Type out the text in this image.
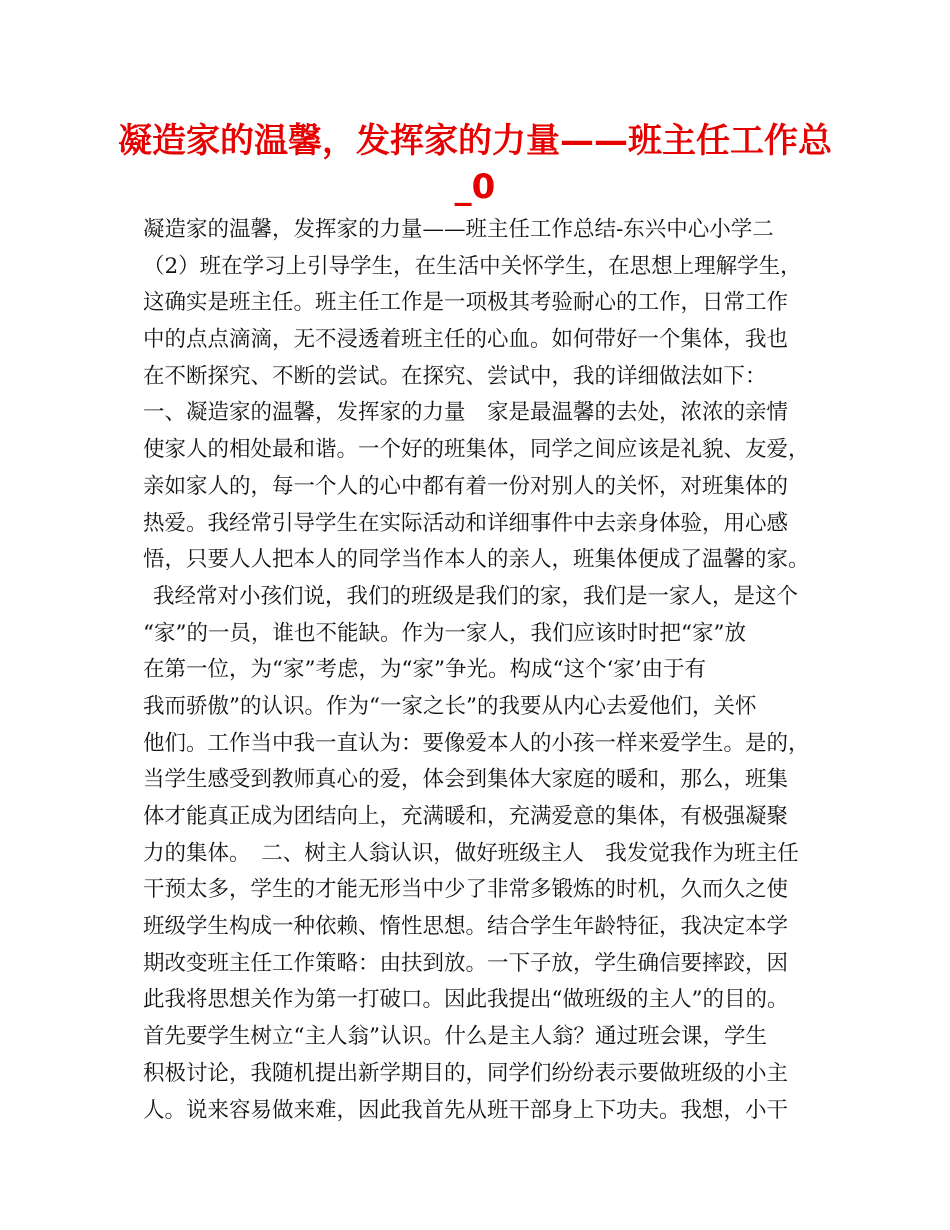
凝造家的温馨，发挥家的力量——班主任工作总
_0
凝造家的温馨，发挥家的力量——班主任工作总结-东兴中心小学二
（2）班在学习上引导学生，在生活中关怀学生，在思想上理解学生，
这确实是班主任。班主任工作是一项极其考验耐心的工作，日常工作
中的点点滴滴，无不浸透着班主任的心血。如何带好一个集体，我也
在不断探究、不断的尝试。在探究、尝试中，我的详细做法如下：
一、凝造家的温馨，发挥家的力量　家是最温馨的去处，浓浓的亲情
使家人的相处最和谐。一个好的班集体，同学之间应该是礼貌、友爱，
亲如家人的，每一个人的心中都有着一份对别人的关怀，对班集体的
热爱。我经常引导学生在实际活动和详细事件中去亲身体验，用心感
悟，只要人人把本人的同学当作本人的亲人，班集体便成了温馨的家。
我经常对小孩们说，我们的班级是我们的家，我们是一家人，是这个
“家”的一员，谁也不能缺。作为一家人，我们应该时时把“家”放
在第一位，为“家”考虑，为“家”争光。构成“这个‘家’由于有
我而骄傲”的认识。作为“一家之长”的我要从内心去爱他们，关怀
他们。工作当中我一直认为：要像爱本人的小孩一样来爱学生。是的，
当学生感受到教师真心的爱，体会到集体大家庭的暖和，那么，班集
体才能真正成为团结向上，充满暖和，充满爱意的集体，有极强凝聚
力的集体。　二、树主人翁认识，做好班级主人　我发觉我作为班主任
干预太多，学生的才能无形当中少了非常多锻炼的时机，久而久之使
班级学生构成一种依赖、惰性思想。结合学生年龄特征，我决定本学
期改变班主任工作策略：由扶到放。一下子放，学生确信要摔跤，因
此我将思想关作为第一打破口。因此我提出“做班级的主人”的目的。
首先要学生树立“主人翁”认识。什么是主人翁？通过班会课，学生
积极讨论，我随机提出新学期目的，同学们纷纷表示要做班级的小主
人。说来容易做来难，因此我首先从班干部身上下功夫。我想，小干
